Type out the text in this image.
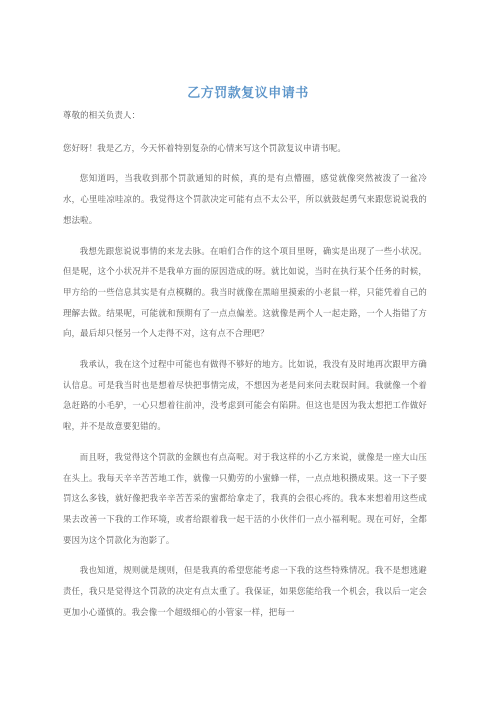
乙方罚款复议申请书

尊敬的相关负责人：

您好呀！我是乙方，今天怀着特别复杂的心情来写这个罚款复议申请书呢。

您知道吗，当我收到那个罚款通知的时候，真的是有点懵圈，感觉就像突然被泼了一盆冷水，心里哇凉哇凉的。我觉得这个罚款决定可能有点不太公平，所以就鼓起勇气来跟您说说我的想法啦。

我想先跟您说说事情的来龙去脉。在咱们合作的这个项目里呀，确实是出现了一些小状况。但是呢，这个小状况并不是我单方面的原因造成的呀。就比如说，当时在执行某个任务的时候，甲方给的一些信息其实是有点模糊的。我当时就像在黑暗里摸索的小老鼠一样，只能凭着自己的理解去做。结果呢，可能就和预期有了一点点偏差。这就像是两个人一起走路，一个人指错了方向，最后却只怪另一个人走得不对，这有点不合理吧？

我承认，我在这个过程中可能也有做得不够好的地方。比如说，我没有及时地再次跟甲方确认信息。可是我当时也是想着尽快把事情完成，不想因为老是问来问去耽误时间。我就像一个着急赶路的小毛驴，一心只想着往前冲，没考虑到可能会有陷阱。但这也是因为我太想把工作做好啦，并不是故意要犯错的。

而且呀，我觉得这个罚款的金额也有点高呢。对于我这样的小乙方来说，就像是一座大山压在头上。我每天辛辛苦苦地工作，就像一只勤劳的小蜜蜂一样，一点点地积攒成果。这一下子要罚这么多钱，就好像把我辛辛苦苦采的蜜都给拿走了，我真的会很心疼的。我本来想着用这些成果去改善一下我的工作环境，或者给跟着我一起干活的小伙伴们一点小福利呢。现在可好，全都要因为这个罚款化为泡影了。

我也知道，规则就是规则，但是我真的希望您能考虑一下我的这些特殊情况。我不是想逃避责任，我只是觉得这个罚款的决定有点太重了。我保证，如果您能给我一个机会，我以后一定会更加小心谨慎的。我会像一个超级细心的小管家一样，把每一
